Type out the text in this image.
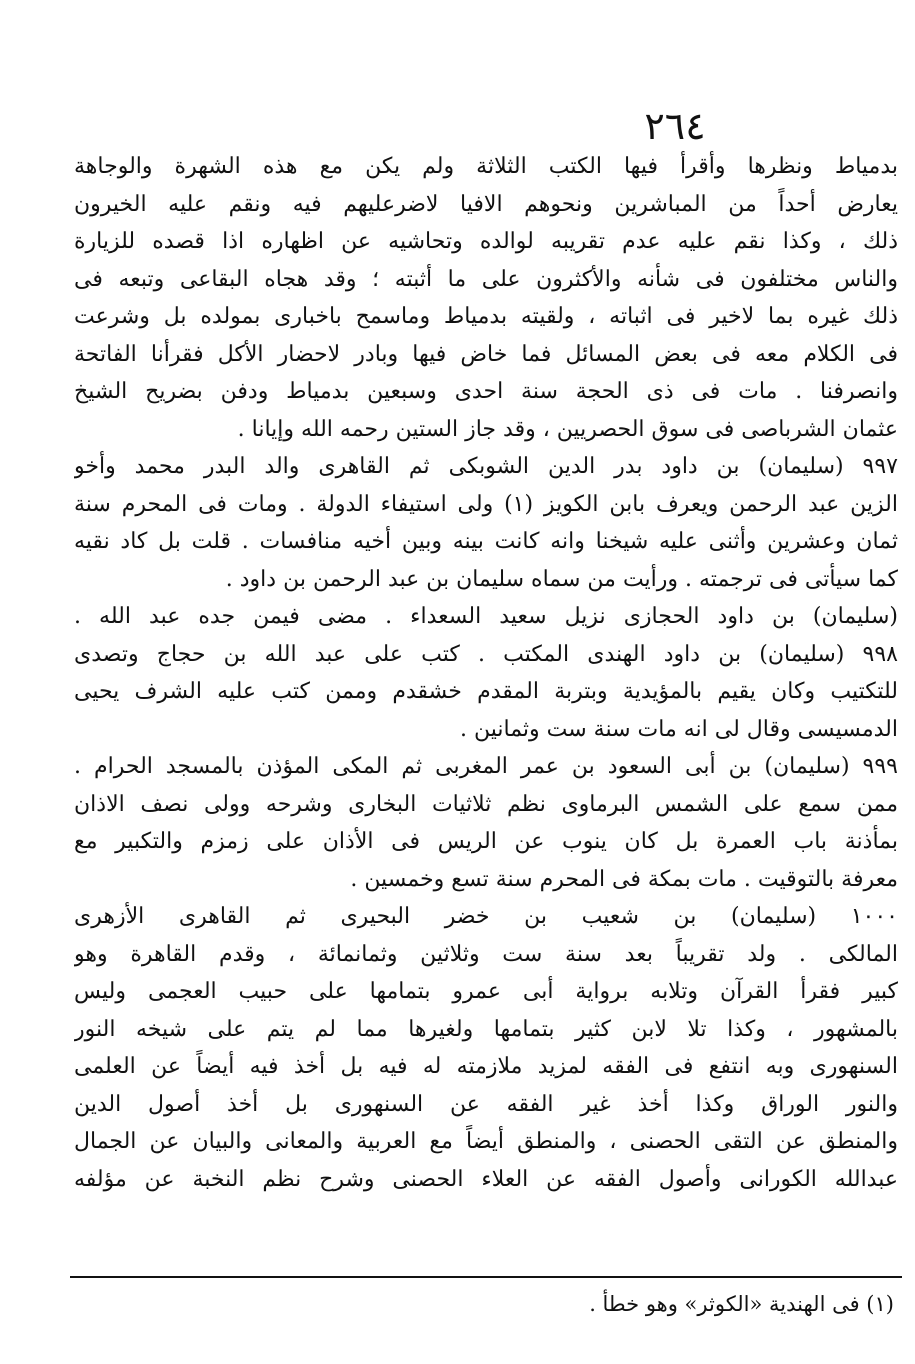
٢٦٤
بدمياط ونظرها وأقرأ فيها الكتب الثلاثة ولم يكن مع هذه الشهرة والوجاهة
يعارض أحداً من المباشرين ونحوهم الافيا لاضرعليهم فيه ونقم عليه الخيرون
ذلك ، وكذا نقم عليه عدم تقريبه لوالده وتحاشيه عن اظهاره اذا قصده للزيارة
والناس مختلفون فى شأنه والأكثرون على ما أثبته ؛ وقد هجاه البقاعى وتبعه فى
ذلك غيره بما لاخير فى اثباته ، ولقيته بدمياط وماسمح باخبارى بمولده بل وشرعت
فى الكلام معه فى بعض المسائل فما خاض فيها وبادر لاحضار الأكل فقرأنا الفاتحة
وانصرفنا . مات فى ذى الحجة سنة احدى وسبعين بدمياط ودفن بضريح الشيخ
عثمان الشرباصى فى سوق الحصريين ، وقد جاز الستين رحمه الله وإيانا .
٩٩٧ (سليمان) بن داود بدر الدين الشوبكى ثم القاهرى والد البدر محمد وأخو
الزين عبد الرحمن ويعرف بابن الكويز (١) ولى استيفاء الدولة . ومات فى المحرم سنة
ثمان وعشرين وأثنى عليه شيخنا وانه كانت بينه وبين أخيه منافسات . قلت بل كاد نقيه
كما سيأتى فى ترجمته . ورأيت من سماه سليمان بن عبد الرحمن بن داود .
(سليمان) بن داود الحجازى نزيل سعيد السعداء . مضى فيمن جده عبد الله .
٩٩٨ (سليمان) بن داود الهندى المكتب . كتب على عبد الله بن حجاج وتصدى
للتكتيب وكان يقيم بالمؤيدية وبتربة المقدم خشقدم وممن كتب عليه الشرف يحيى
الدمسيسى وقال لى انه مات سنة ست وثمانين .
٩٩٩ (سليمان) بن أبى السعود بن عمر المغربى ثم المكى المؤذن بالمسجد الحرام .
ممن سمع على الشمس البرماوى نظم ثلاثيات البخارى وشرحه وولى نصف الاذان
بمأذنة باب العمرة بل كان ينوب عن الريس فى الأذان على زمزم والتكبير مع
معرفة بالتوقيت . مات بمكة فى المحرم سنة تسع وخمسين .
١٠٠٠ (سليمان) بن شعيب بن خضر البحيرى ثم القاهرى الأزهرى
المالكى . ولد تقريباً بعد سنة ست وثلاثين وثمانمائة ، وقدم القاهرة وهو
كبير فقرأ القرآن وتلابه برواية أبى عمرو بتمامها على حبيب العجمى وليس
بالمشهور ، وكذا تلا لابن كثير بتمامها ولغيرها مما لم يتم على شيخه النور
السنهورى وبه انتفع فى الفقه لمزيد ملازمته له فيه بل أخذ فيه أيضاً عن العلمى
والنور الوراق وكذا أخذ غير الفقه عن السنهورى بل أخذ أصول الدين
والمنطق عن التقى الحصنى ، والمنطق أيضاً مع العربية والمعانى والبيان عن الجمال
عبدالله الكورانى وأصول الفقه عن العلاء الحصنى وشرح نظم النخبة عن مؤلفه
(١) فى الهندية «الكوثر» وهو خطأ .
